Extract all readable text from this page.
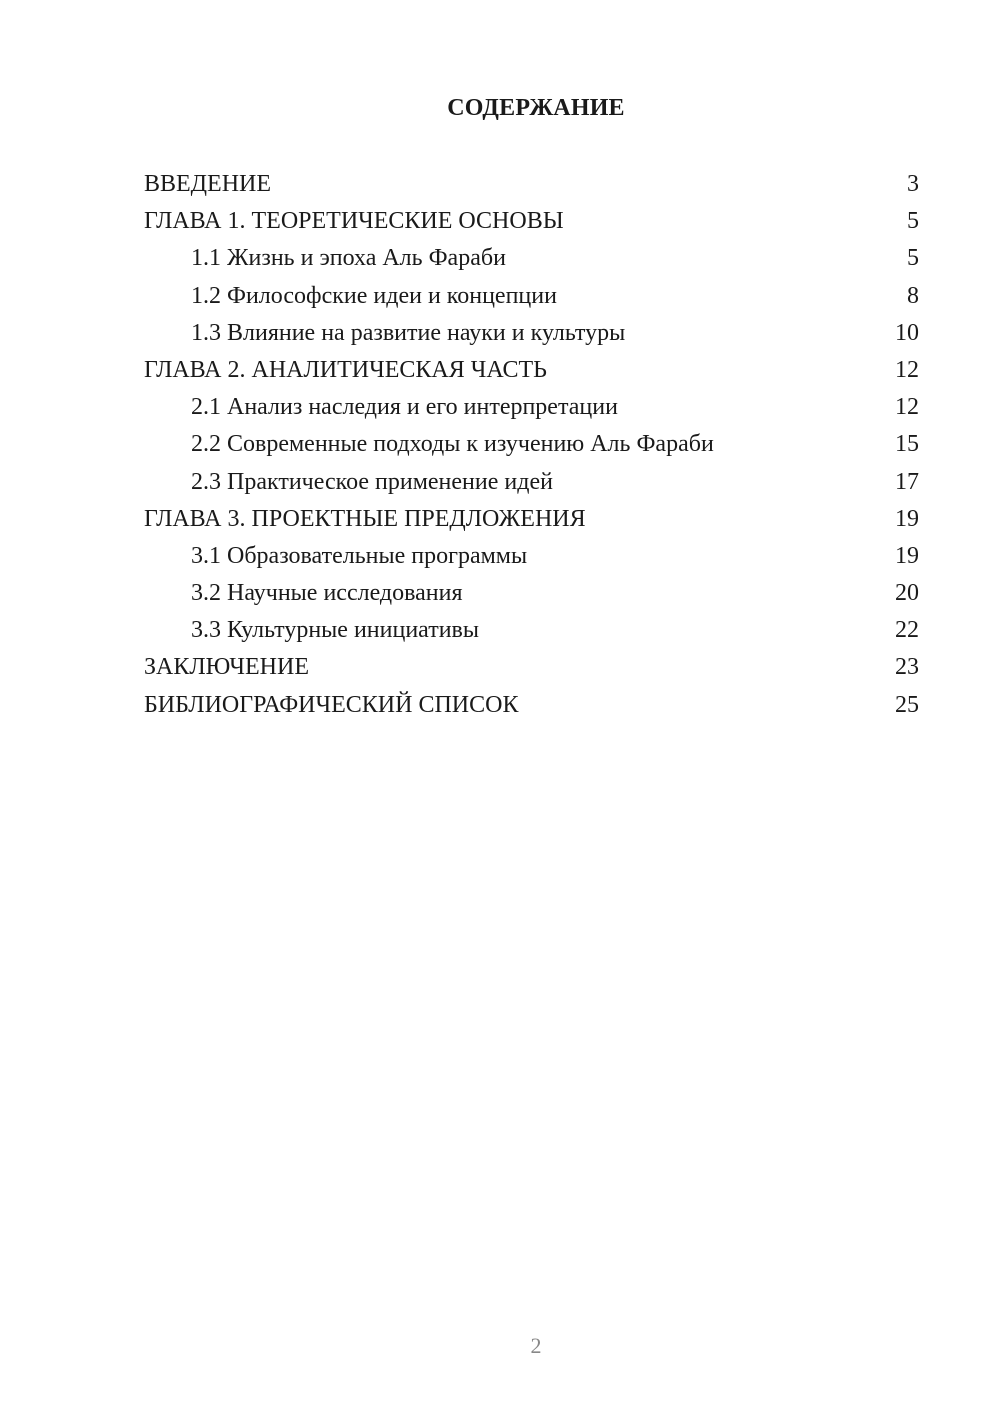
СОДЕРЖАНИЕ
ВВЕДЕНИЕ	3
ГЛАВА 1. ТЕОРЕТИЧЕСКИЕ ОСНОВЫ	5
1.1 Жизнь и эпоха Аль Фараби	5
1.2 Философские идеи и концепции	8
1.3 Влияние на развитие науки и культуры	10
ГЛАВА 2. АНАЛИТИЧЕСКАЯ ЧАСТЬ	12
2.1 Анализ наследия и его интерпретации	12
2.2 Современные подходы к изучению Аль Фараби	15
2.3 Практическое применение идей	17
ГЛАВА 3. ПРОЕКТНЫЕ ПРЕДЛОЖЕНИЯ	19
3.1 Образовательные программы	19
3.2 Научные исследования	20
3.3 Культурные инициативы	22
ЗАКЛЮЧЕНИЕ	23
БИБЛИОГРАФИЧЕСКИЙ СПИСОК	25
2
